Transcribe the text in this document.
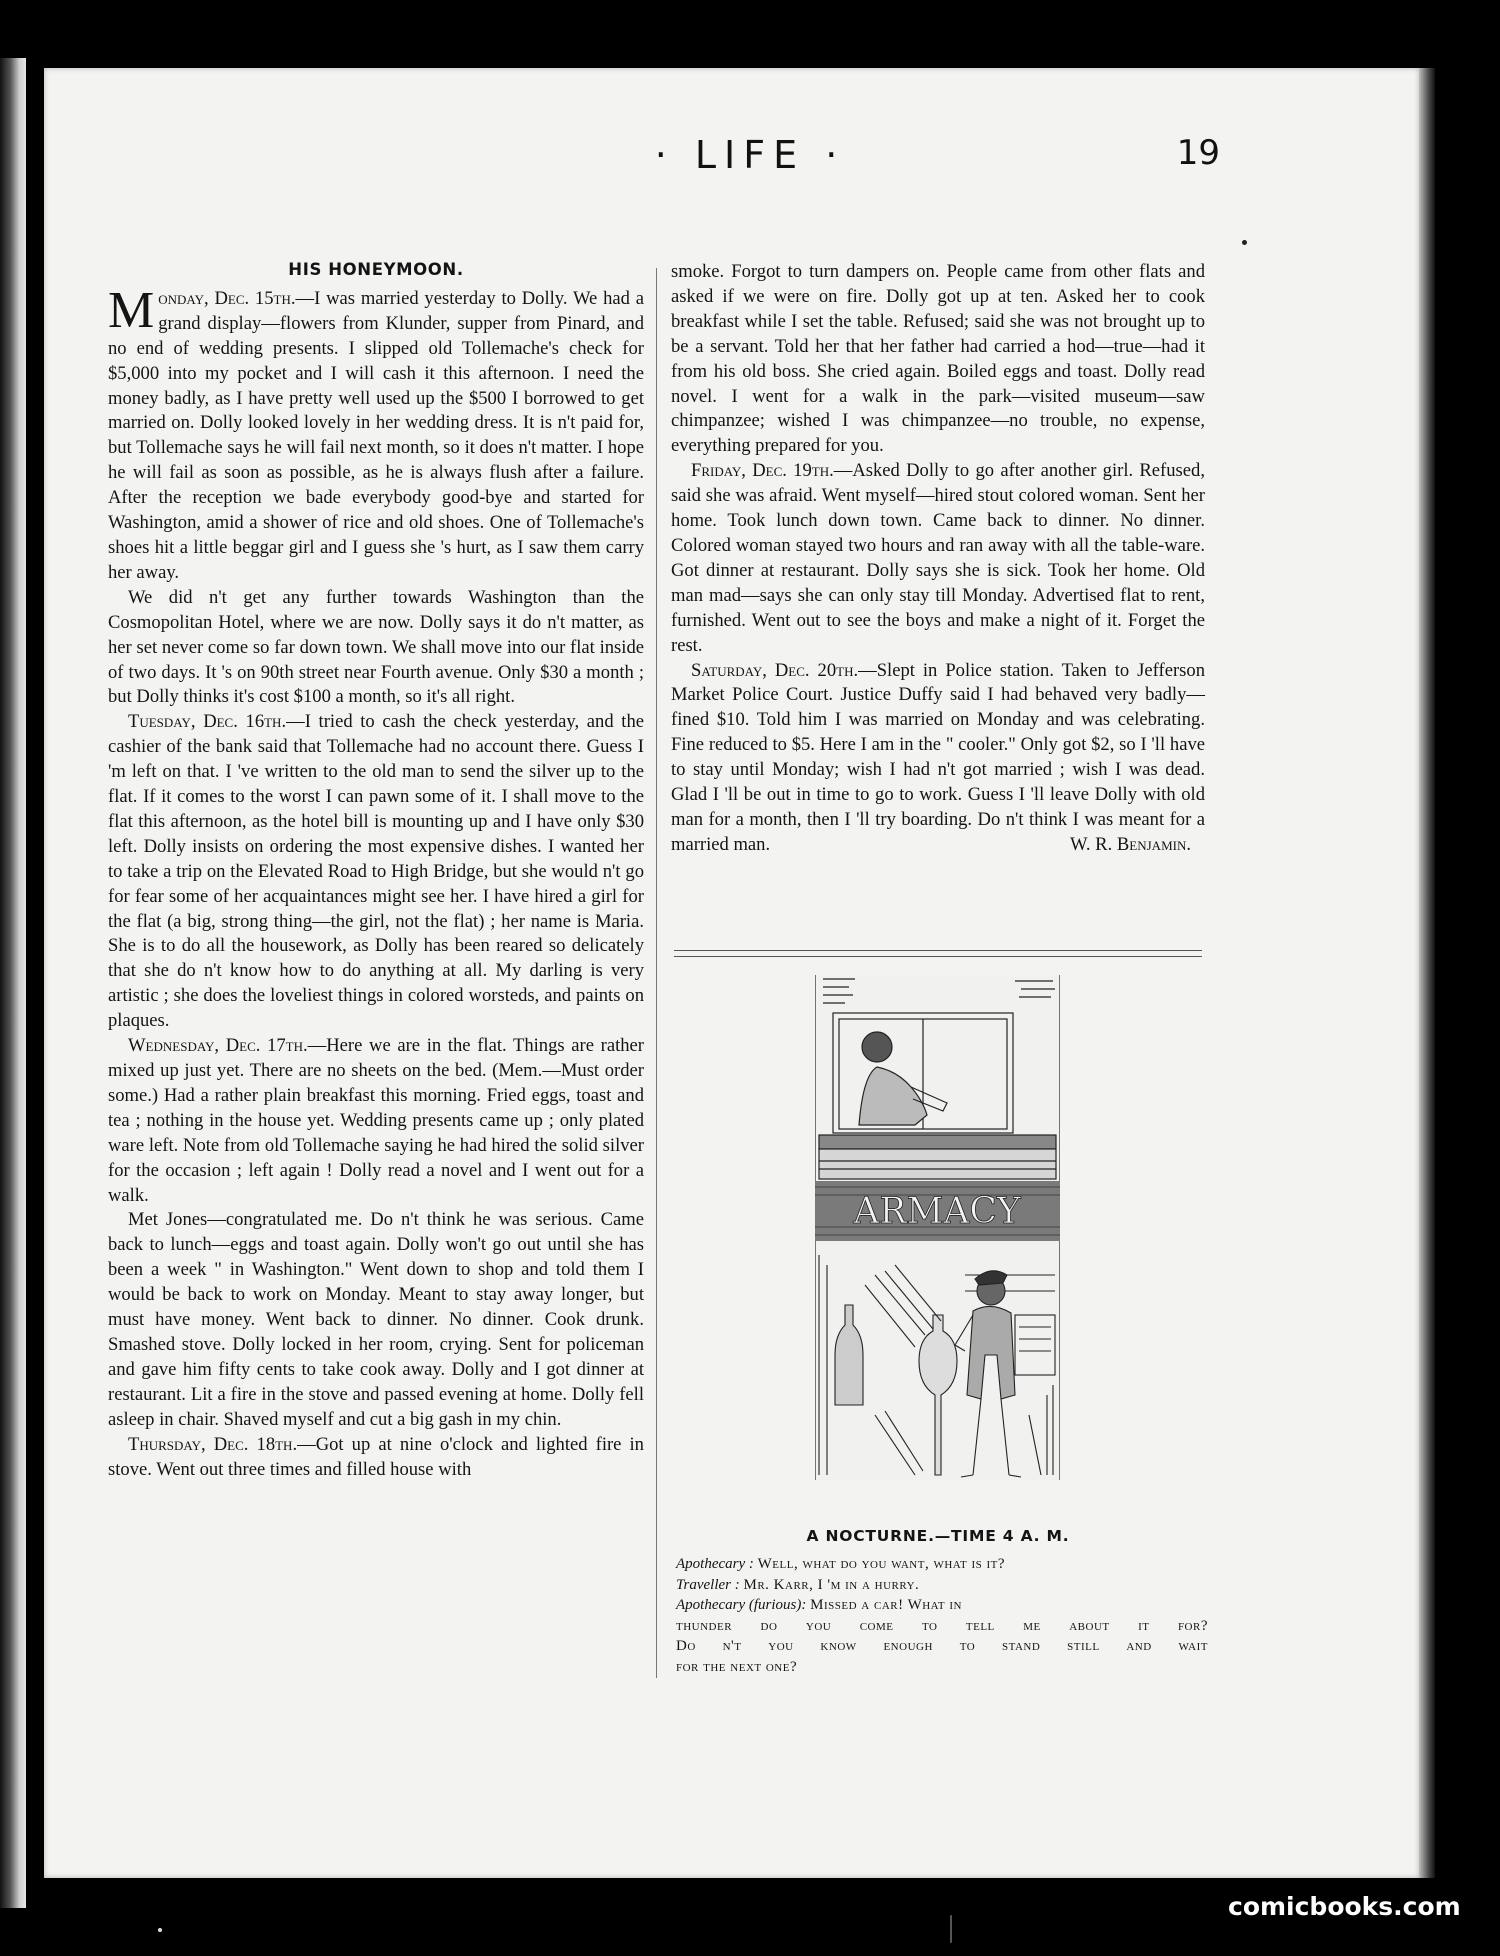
· LIFE ·	19
HIS HONEYMOON.

Monday, Dec. 15th.—I was married yesterday to Dolly. We had a grand display—flowers from Klunder, supper from Pinard, and no end of wedding presents. I slipped old Tollemache's check for $5,000 into my pocket and I will cash it this afternoon. I need the money badly, as I have pretty well used up the $500 I borrowed to get married on. Dolly looked lovely in her wedding dress. It is n't paid for, but Tollemache says he will fail next month, so it does n't matter. I hope he will fail as soon as possible, as he is always flush after a failure. After the reception we bade everybody good-bye and started for Washington, amid a shower of rice and old shoes. One of Tollemache's shoes hit a little beggar girl and I guess she 's hurt, as I saw them carry her away.

We did n't get any further towards Washington than the Cosmopolitan Hotel, where we are now. Dolly says it do n't matter, as her set never come so far down town. We shall move into our flat inside of two days. It 's on 90th street near Fourth avenue. Only $30 a month ; but Dolly thinks it's cost $100 a month, so it's all right.

Tuesday, Dec. 16th.—I tried to cash the check yesterday, and the cashier of the bank said that Tollemache had no account there. Guess I 'm left on that. I 've written to the old man to send the silver up to the flat. If it comes to the worst I can pawn some of it. I shall move to the flat this afternoon, as the hotel bill is mounting up and I have only $30 left. Dolly insists on ordering the most expensive dishes. I wanted her to take a trip on the Elevated Road to High Bridge, but she would n't go for fear some of her acquaintances might see her. I have hired a girl for the flat (a big, strong thing—the girl, not the flat) ; her name is Maria. She is to do all the housework, as Dolly has been reared so delicately that she do n't know how to do anything at all. My darling is very artistic ; she does the loveliest things in colored worsteds, and paints on plaques.

Wednesday, Dec. 17th.—Here we are in the flat. Things are rather mixed up just yet. There are no sheets on the bed. (Mem.—Must order some.) Had a rather plain breakfast this morning. Fried eggs, toast and tea ; nothing in the house yet. Wedding presents came up ; only plated ware left. Note from old Tollemache saying he had hired the solid silver for the occasion ; left again ! Dolly read a novel and I went out for a walk.

Met Jones—congratulated me. Do n't think he was serious. Came back to lunch—eggs and toast again. Dolly won't go out until she has been a week " in Washington." Went down to shop and told them I would be back to work on Monday. Meant to stay away longer, but must have money. Went back to dinner. No dinner. Cook drunk. Smashed stove. Dolly locked in her room, crying. Sent for policeman and gave him fifty cents to take cook away. Dolly and I got dinner at restaurant. Lit a fire in the stove and passed evening at home. Dolly fell asleep in chair. Shaved myself and cut a big gash in my chin.

Thursday, Dec. 18th.—Got up at nine o'clock and lighted fire in stove. Went out three times and filled house with

smoke. Forgot to turn dampers on. People came from other flats and asked if we were on fire. Dolly got up at ten. Asked her to cook breakfast while I set the table. Refused; said she was not brought up to be a servant. Told her that her father had carried a hod—true—had it from his old boss. She cried again. Boiled eggs and toast. Dolly read novel. I went for a walk in the park—visited museum—saw chimpanzee; wished I was chimpanzee—no trouble, no expense, everything prepared for you.

Friday, Dec. 19th.—Asked Dolly to go after another girl. Refused, said she was afraid. Went myself—hired stout colored woman. Sent her home. Took lunch down town. Came back to dinner. No dinner. Colored woman stayed two hours and ran away with all the table-ware. Got dinner at restaurant. Dolly says she is sick. Took her home. Old man mad—says she can only stay till Monday. Advertised flat to rent, furnished. Went out to see the boys and make a night of it. Forget the rest.

Saturday, Dec. 20th.—Slept in Police station. Taken to Jefferson Market Police Court. Justice Duffy said I had behaved very badly—fined $10. Told him I was married on Monday and was celebrating. Fine reduced to $5. Here I am in the " cooler." Only got $2, so I 'll have to stay until Monday; wish I had n't got married ; wish I was dead. Glad I 'll be out in time to go to work. Guess I 'll leave Dolly with old man for a month, then I 'll try boarding. Do n't think I was meant for a married man.	W. R. Benjamin.

ARMACY
A NOCTURNE.—TIME 4 A. M.
Apothecary : Well, what do you want, what is it?
Traveller : Mr. Karr, I 'm in a hurry.
Apothecary (furious): Missed a car! What in
thunder do you come to tell me about it for?
Do n't you know enough to stand still and wait
for the next one?
comicbooks.com
